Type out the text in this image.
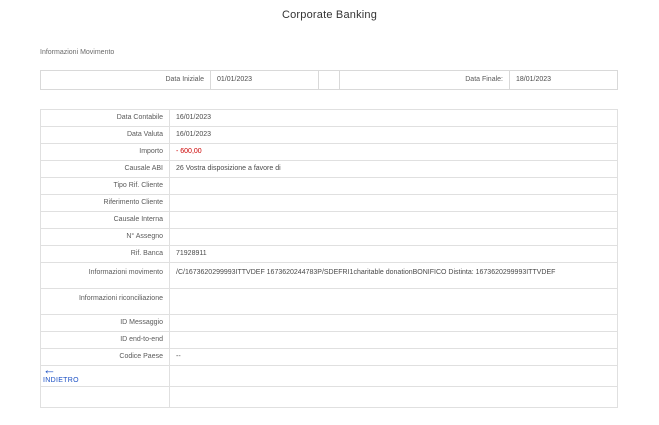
Corporate Banking
Informazioni Movimento
Data Iniziale	01/01/2023	Data Finale:	18/01/2023
Data Contabile	16/01/2023
Data Valuta	16/01/2023
Importo	- 600,00
Causale ABI	26 Vostra disposizione a favore di
Tipo Rif. Cliente
Riferimento Cliente
Causale Interna
N° Assegno
Rif. Banca	71928911
Informazioni movimento	/C/1673620299993ITTVDEF 1673620244783P/SDEFRI1charitable donationBONIFICO Distinta: 1673620299993ITTVDEF
Informazioni riconciliazione
ID Messaggio
ID end-to-end
Codice Paese	--
←
INDIETRO
